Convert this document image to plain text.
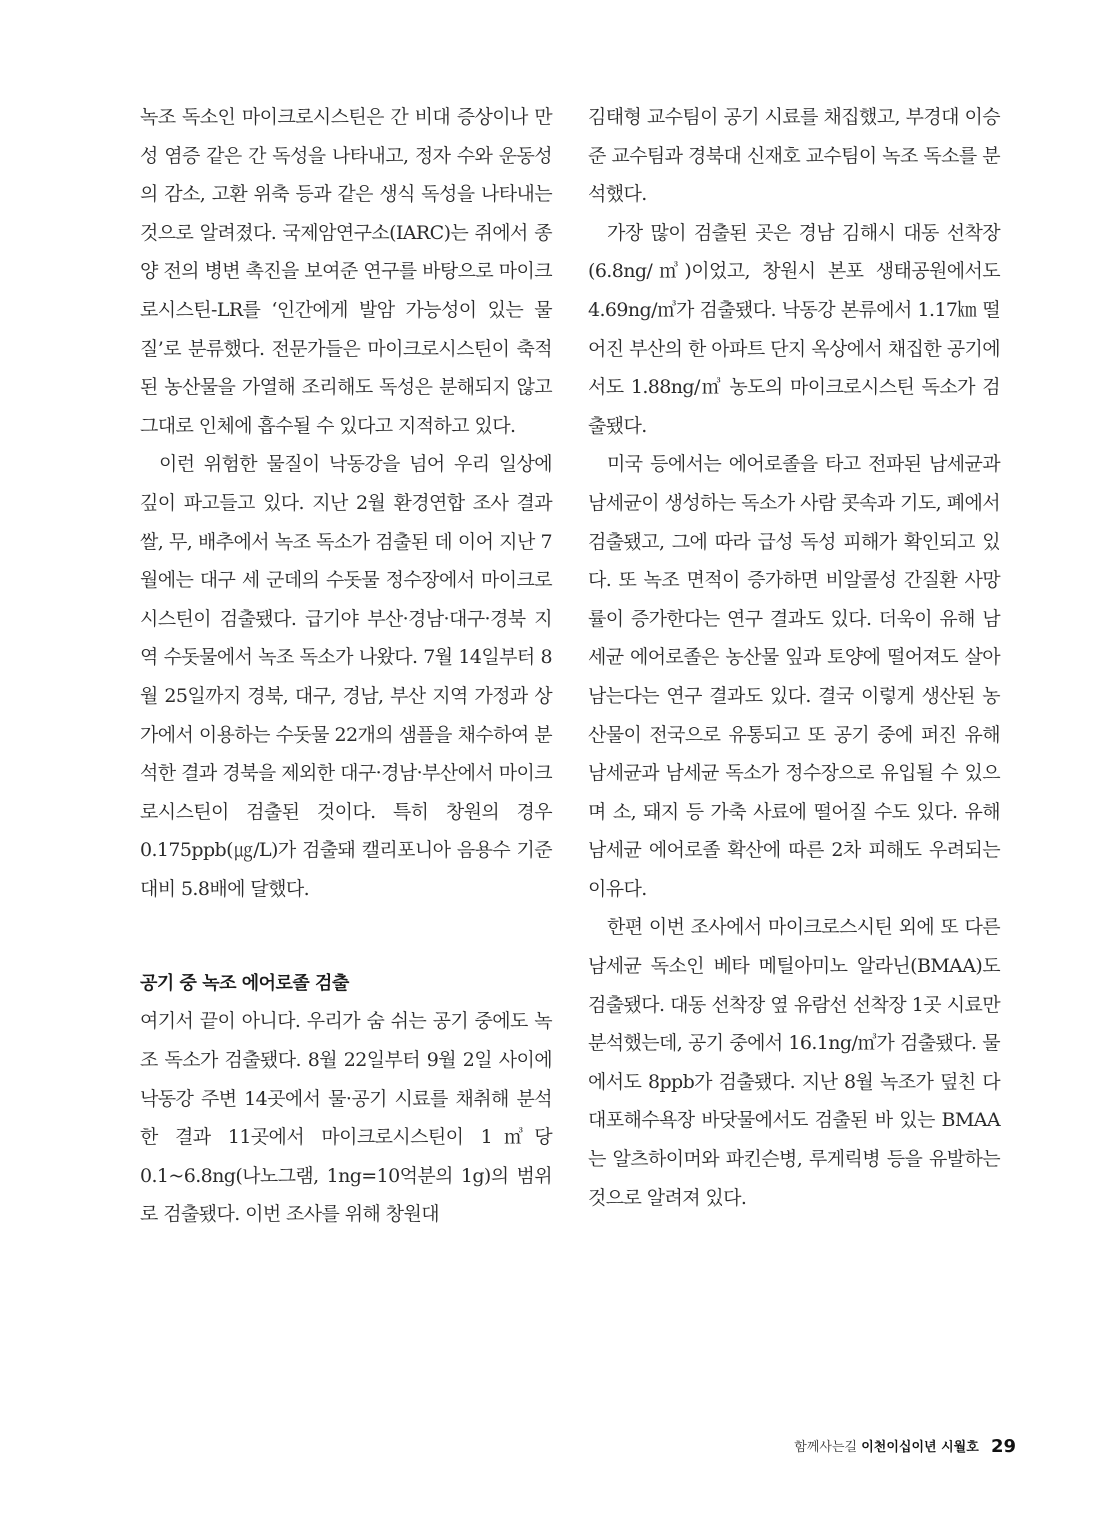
녹조 독소인 마이크로시스틴은 간 비대 증상이나 만성 염증 같은 간 독성을 나타내고, 정자 수와 운동성의 감소, 고환 위축 등과 같은 생식 독성을 나타내는 것으로 알려졌다. 국제암연구소(IARC)는 쥐에서 종양 전의 병변 촉진을 보여준 연구를 바탕으로 마이크로시스틴-LR를 ‘인간에게 발암 가능성이 있는 물질’로 분류했다. 전문가들은 마이크로시스틴이 축적된 농산물을 가열해 조리해도 독성은 분해되지 않고 그대로 인체에 흡수될 수 있다고 지적하고 있다.

이런 위험한 물질이 낙동강을 넘어 우리 일상에 깊이 파고들고 있다. 지난 2월 환경연합 조사 결과 쌀, 무, 배추에서 녹조 독소가 검출된 데 이어 지난 7월에는 대구 세 군데의 수돗물 정수장에서 마이크로시스틴이 검출됐다. 급기야 부산·경남·대구·경북 지역 수돗물에서 녹조 독소가 나왔다. 7월 14일부터 8월 25일까지 경북, 대구, 경남, 부산 지역 가정과 상가에서 이용하는 수돗물 22개의 샘플을 채수하여 분석한 결과 경북을 제외한 대구·경남·부산에서 마이크로시스틴이 검출된 것이다. 특히 창원의 경우 0.175ppb(㎍/L)가 검출돼 캘리포니아 음용수 기준 대비 5.8배에 달했다.

공기 중 녹조 에어로졸 검출

여기서 끝이 아니다. 우리가 숨 쉬는 공기 중에도 녹조 독소가 검출됐다. 8월 22일부터 9월 2일 사이에 낙동강 주변 14곳에서 물·공기 시료를 채취해 분석한 결과 11곳에서 마이크로시스틴이 1㎥당 0.1~6.8ng(나노그램, 1ng=10억분의 1g)의 범위로 검출됐다. 이번 조사를 위해 창원대

김태형 교수팀이 공기 시료를 채집했고, 부경대 이승준 교수팀과 경북대 신재호 교수팀이 녹조 독소를 분석했다.

가장 많이 검출된 곳은 경남 김해시 대동 선착장(6.8ng/㎥)이었고, 창원시 본포 생태공원에서도 4.69ng/㎥가 검출됐다. 낙동강 본류에서 1.17㎞ 떨어진 부산의 한 아파트 단지 옥상에서 채집한 공기에서도 1.88ng/㎥ 농도의 마이크로시스틴 독소가 검출됐다.

미국 등에서는 에어로졸을 타고 전파된 남세균과 남세균이 생성하는 독소가 사람 콧속과 기도, 폐에서 검출됐고, 그에 따라 급성 독성 피해가 확인되고 있다. 또 녹조 면적이 증가하면 비알콜성 간질환 사망률이 증가한다는 연구 결과도 있다. 더욱이 유해 남세균 에어로졸은 농산물 잎과 토양에 떨어져도 살아남는다는 연구 결과도 있다. 결국 이렇게 생산된 농산물이 전국으로 유통되고 또 공기 중에 퍼진 유해 남세균과 남세균 독소가 정수장으로 유입될 수 있으며 소, 돼지 등 가축 사료에 떨어질 수도 있다. 유해 남세균 에어로졸 확산에 따른 2차 피해도 우려되는 이유다.

한편 이번 조사에서 마이크로스시틴 외에 또 다른 남세균 독소인 베타 메틸아미노 알라닌(BMAA)도 검출됐다. 대동 선착장 옆 유람선 선착장 1곳 시료만 분석했는데, 공기 중에서 16.1ng/㎥가 검출됐다. 물에서도 8ppb가 검출됐다. 지난 8월 녹조가 덮친 다대포해수욕장 바닷물에서도 검출된 바 있는 BMAA는 알츠하이머와 파킨슨병, 루게릭병 등을 유발하는 것으로 알려져 있다.

함께사는길 이천이십이년 시월호 29
